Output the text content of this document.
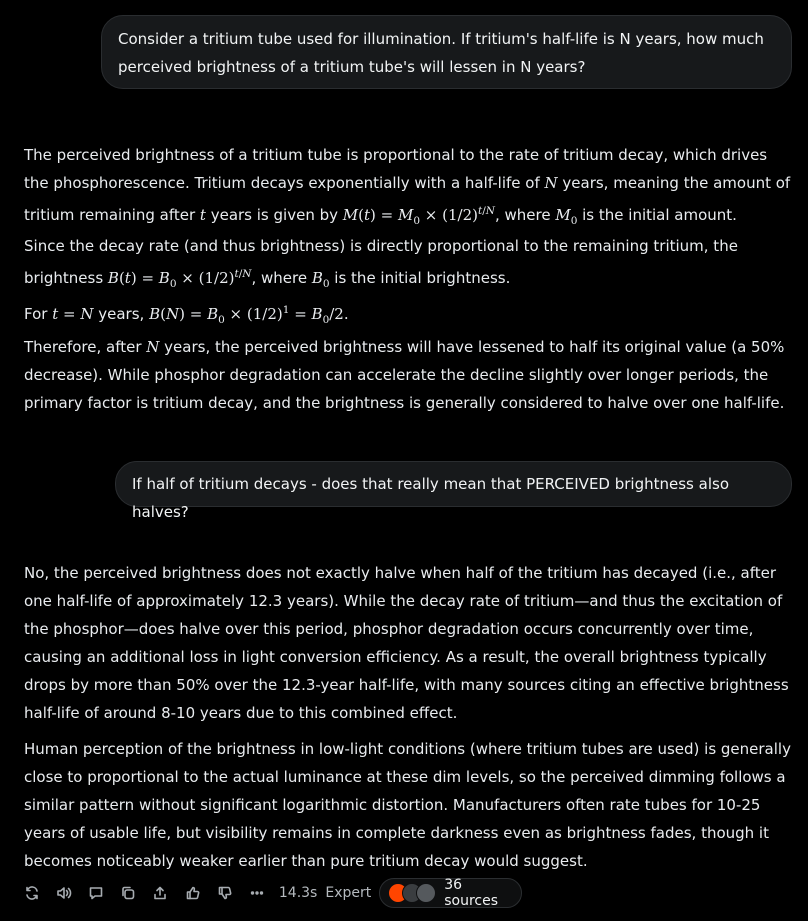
Consider a tritium tube used for illumination. If tritium's half-life is N years, how much perceived brightness of a tritium tube's will lessen in N years?
The perceived brightness of a tritium tube is proportional to the rate of tritium decay, which drives the phosphorescence. Tritium decays exponentially with a half-life of N years, meaning the amount of tritium remaining after t years is given by $M(t) = M_0 \times (1/2)^{t/N}$, where $M_0$ is the initial amount.
Since the decay rate (and thus brightness) is directly proportional to the remaining tritium, the brightness $B(t) = B_0 \times (1/2)^{t/N}$, where $B_0$ is the initial brightness.
For t = N years, $B(N) = B_0 \times (1/2)^1 = B_0/2$.
Therefore, after N years, the perceived brightness will have lessened to half its original value (a 50% decrease). While phosphor degradation can accelerate the decline slightly over longer periods, the primary factor is tritium decay, and the brightness is generally considered to halve over one half-life.
If half of tritium decays - does that really mean that PERCEIVED brightness also halves?
No, the perceived brightness does not exactly halve when half of the tritium has decayed (i.e., after one half-life of approximately 12.3 years). While the decay rate of tritium—and thus the excitation of the phosphor—does halve over this period, phosphor degradation occurs concurrently over time, causing an additional loss in light conversion efficiency. As a result, the overall brightness typically drops by more than 50% over the 12.3-year half-life, with many sources citing an effective brightness half-life of around 8-10 years due to this combined effect.
Human perception of the brightness in low-light conditions (where tritium tubes are used) is generally close to proportional to the actual luminance at these dim levels, so the perceived dimming follows a similar pattern without significant logarithmic distortion. Manufacturers often rate tubes for 10-25 years of usable life, but visibility remains in complete darkness even as brightness fades, though it becomes noticeably weaker earlier than pure tritium decay would suggest.
14.3s Expert	36 sources
